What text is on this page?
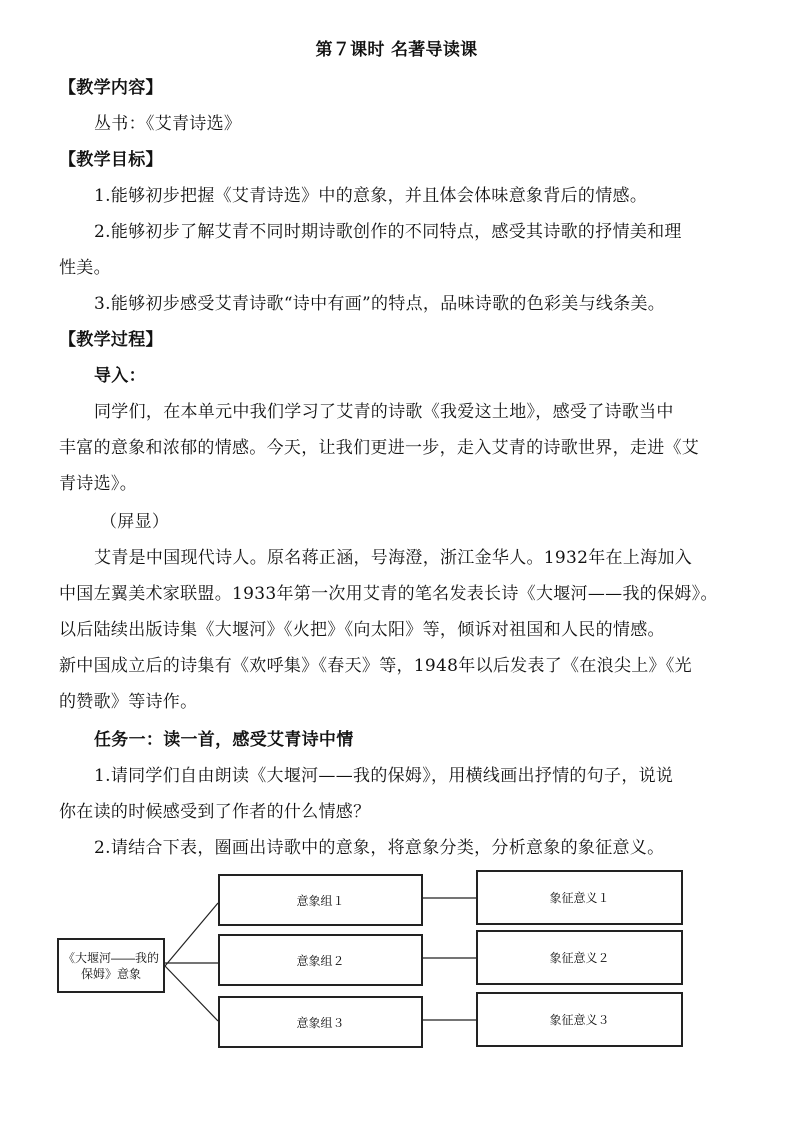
第７课时 名著导读课
【教学内容】
丛书：《艾青诗选》
【教学目标】
1.能够初步把握《艾青诗选》中的意象，并且体会体味意象背后的情感。
2.能够初步了解艾青不同时期诗歌创作的不同特点，感受其诗歌的抒情美和理
性美。
3.能够初步感受艾青诗歌“诗中有画”的特点，品味诗歌的色彩美与线条美。
【教学过程】
导入：
同学们，在本单元中我们学习了艾青的诗歌《我爱这土地》，感受了诗歌当中
丰富的意象和浓郁的情感。今天，让我们更进一步，走入艾青的诗歌世界，走进《艾
青诗选》。
（屏显）
艾青是中国现代诗人。原名蒋正涵，号海澄，浙江金华人。1932年在上海加入
中国左翼美术家联盟。1933年第一次用艾青的笔名发表长诗《大堰河——我的保姆》。
以后陆续出版诗集《大堰河》《火把》《向太阳》等，倾诉对祖国和人民的情感。
新中国成立后的诗集有《欢呼集》《春天》等，1948年以后发表了《在浪尖上》《光
的赞歌》等诗作。
任务一：读一首，感受艾青诗中情
1.请同学们自由朗读《大堰河——我的保姆》，用横线画出抒情的句子，说说
你在读的时候感受到了作者的什么情感？
2.请结合下表，圈画出诗歌中的意象，将意象分类，分析意象的象征意义。
《大堰河——我的
保姆》意象
意象组１
意象组２
意象组３
象征意义１
象征意义２
象征意义３
